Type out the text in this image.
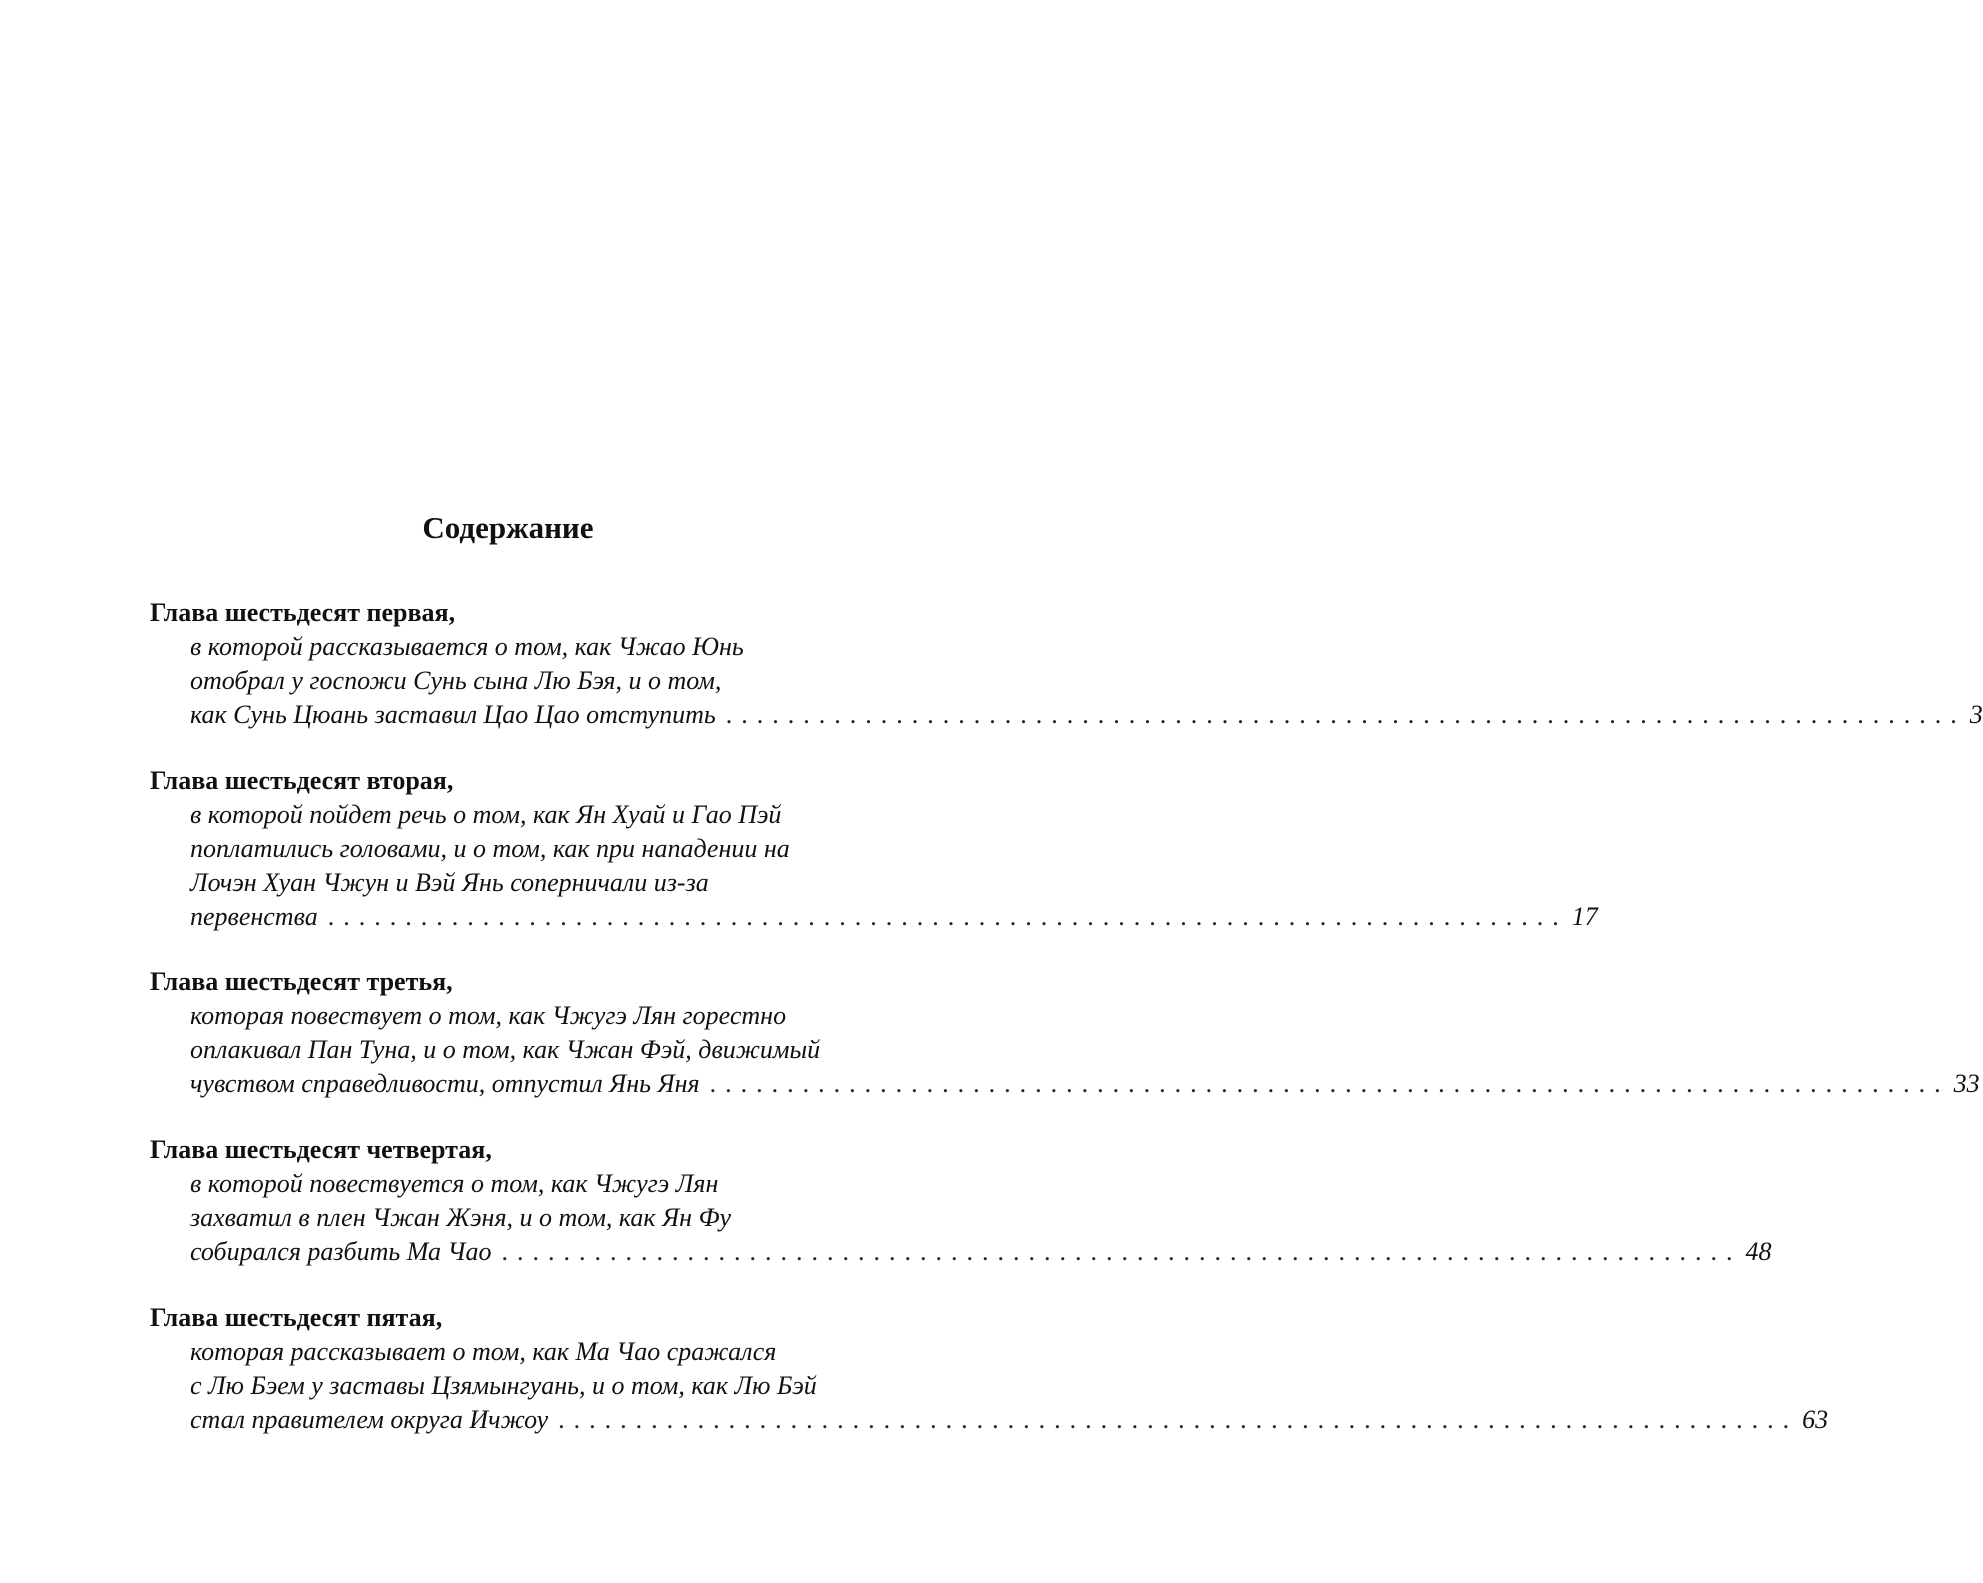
Содержание
Глава шестьдесят первая,
в которой рассказывается о том, как Чжао Юнь
отобрал у госпожи Сунь сына Лю Бэя, и о том,
как Сунь Цюань заставил Цао Цао отступить ................................................................................ 3
Глава шестьдесят вторая,
в которой пойдет речь о том, как Ян Хуай и Гао Пэй
поплатились головами, и о том, как при нападении на
Лочэн Хуан Чжун и Вэй Янь соперничали из-за
первенства ................................................................................ 17
Глава шестьдесят третья,
которая повествует о том, как Чжугэ Лян горестно
оплакивал Пан Туна, и о том, как Чжан Фэй, движимый
чувством справедливости, отпустил Янь Яня ................................................................................ 33
Глава шестьдесят четвертая,
в которой повествуется о том, как Чжугэ Лян
захватил в плен Чжан Жэня, и о том, как Ян Фу
собирался разбить Ма Чао ................................................................................ 48
Глава шестьдесят пятая,
которая рассказывает о том, как Ма Чао сражался
с Лю Бэем у заставы Цзямынгуань, и о том, как Лю Бэй
стал правителем округа Ичжоу ................................................................................ 63
